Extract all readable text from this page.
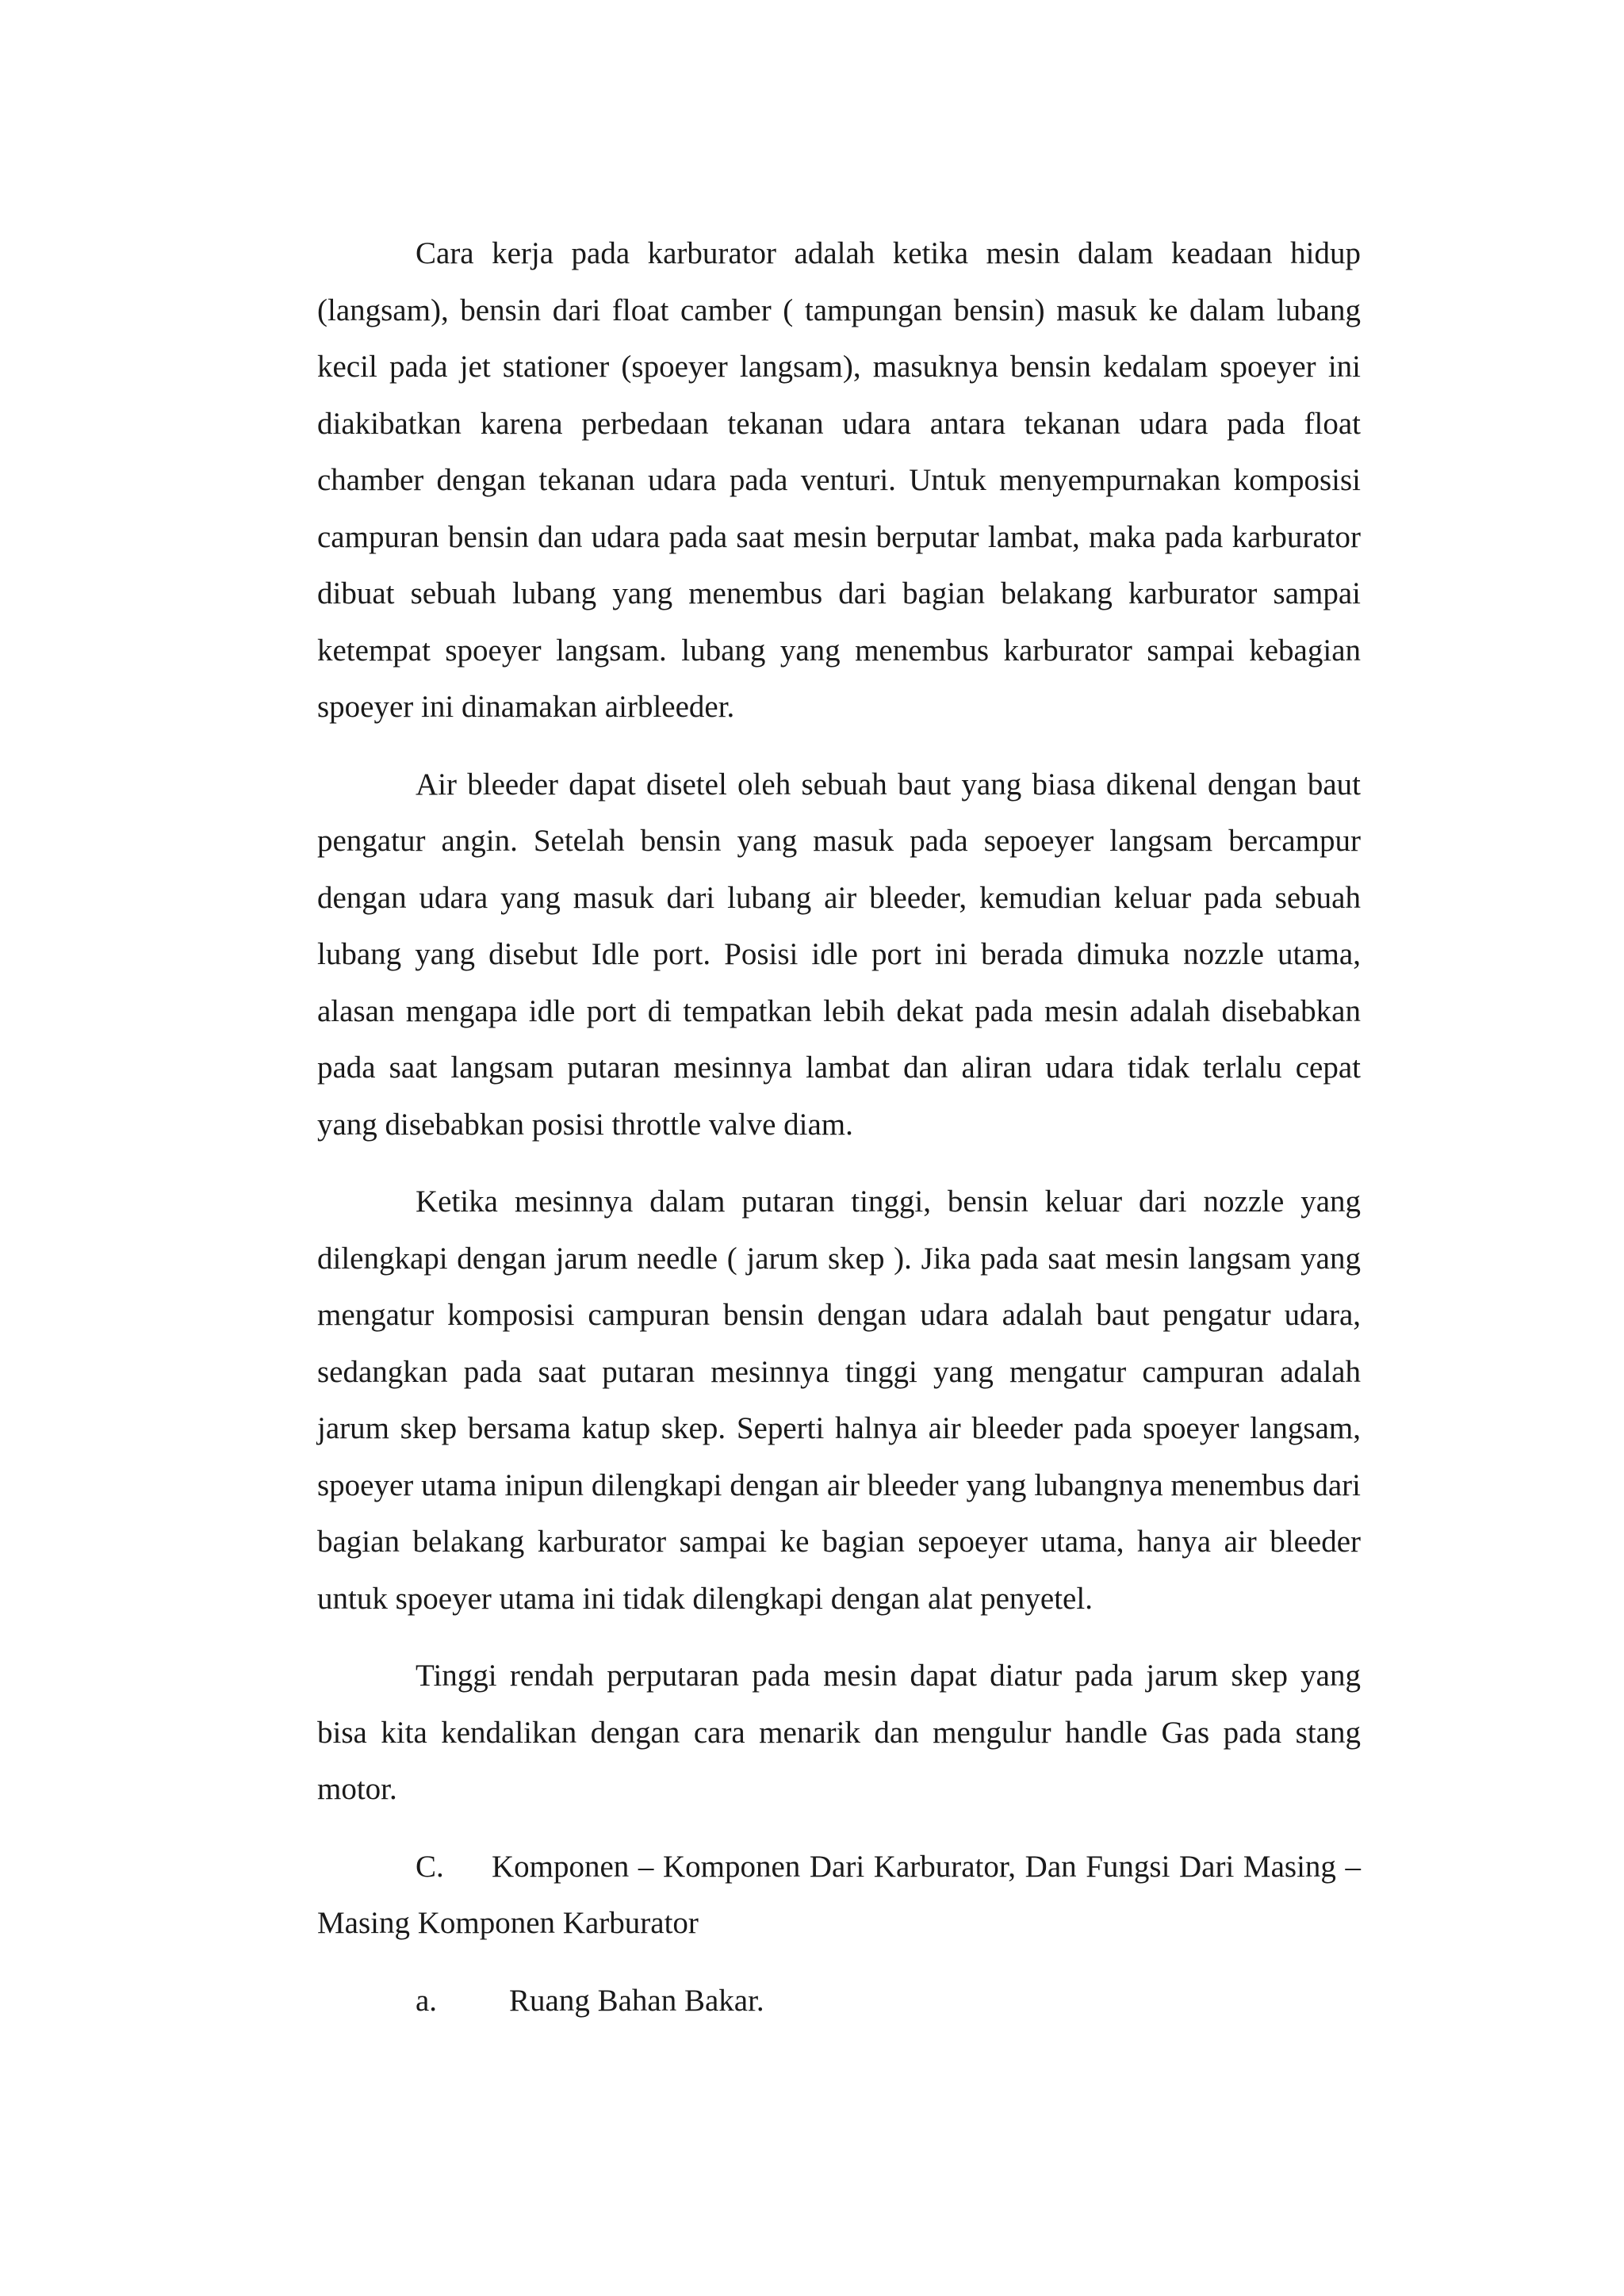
Cara kerja pada karburator adalah ketika mesin dalam keadaan hidup (langsam), bensin dari float camber ( tampungan bensin) masuk ke dalam lubang kecil pada jet stationer (spoeyer langsam), masuknya bensin kedalam spoeyer ini diakibatkan karena perbedaan tekanan udara antara tekanan udara pada float chamber dengan tekanan udara pada venturi. Untuk menyempurnakan komposisi campuran bensin dan udara pada saat mesin berputar lambat, maka pada karburator dibuat sebuah lubang yang menembus dari bagian belakang karburator sampai ketempat spoeyer langsam. lubang yang menembus karburator sampai kebagian spoeyer ini dinamakan airbleeder.

Air bleeder dapat disetel oleh sebuah baut yang biasa dikenal dengan baut pengatur angin. Setelah bensin yang masuk pada sepoeyer langsam bercampur dengan udara yang masuk dari lubang air bleeder, kemudian keluar pada sebuah lubang yang disebut Idle port. Posisi idle port ini berada dimuka nozzle utama, alasan mengapa idle port di tempatkan lebih dekat pada mesin adalah disebabkan pada saat langsam putaran mesinnya lambat dan aliran udara tidak terlalu cepat yang disebabkan posisi throttle valve diam.

Ketika mesinnya dalam putaran tinggi, bensin keluar dari nozzle yang dilengkapi dengan jarum needle ( jarum skep ). Jika pada saat mesin langsam yang mengatur komposisi campuran bensin dengan udara adalah baut pengatur udara, sedangkan pada saat putaran mesinnya tinggi yang mengatur campuran adalah jarum skep bersama katup skep. Seperti halnya air bleeder pada spoeyer langsam, spoeyer utama inipun dilengkapi dengan air bleeder yang lubangnya menembus dari bagian belakang karburator sampai ke bagian sepoeyer utama, hanya air bleeder untuk spoeyer utama ini tidak dilengkapi dengan alat penyetel.

Tinggi rendah perputaran pada mesin dapat diatur pada jarum skep yang bisa kita kendalikan dengan cara menarik dan mengulur handle Gas pada stang motor.

C. Komponen – Komponen Dari Karburator, Dan Fungsi Dari Masing – Masing Komponen Karburator

a. Ruang Bahan Bakar.
